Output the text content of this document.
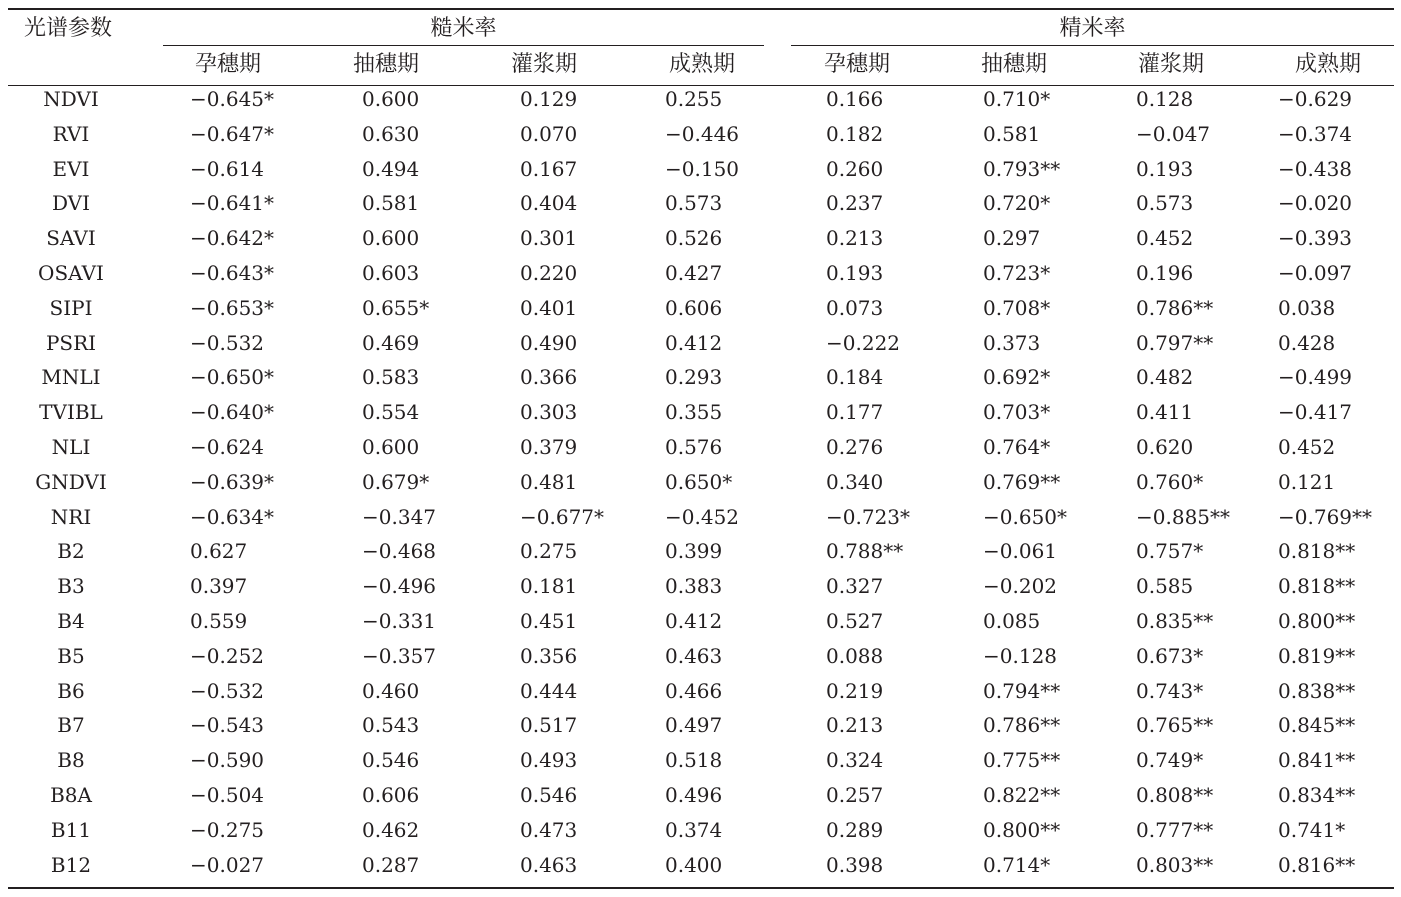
光谱参数	糙米率	精米率
孕穗期	抽穗期	灌浆期	成熟期	孕穗期	抽穗期	灌浆期	成熟期
NDVI	−0.645*	0.600	0.129	0.255	0.166	0.710*	0.128	−0.629
RVI	−0.647*	0.630	0.070	−0.446	0.182	0.581	−0.047	−0.374
EVI	−0.614	0.494	0.167	−0.150	0.260	0.793**	0.193	−0.438
DVI	−0.641*	0.581	0.404	0.573	0.237	0.720*	0.573	−0.020
SAVI	−0.642*	0.600	0.301	0.526	0.213	0.297	0.452	−0.393
OSAVI	−0.643*	0.603	0.220	0.427	0.193	0.723*	0.196	−0.097
SIPI	−0.653*	0.655*	0.401	0.606	0.073	0.708*	0.786**	0.038
PSRI	−0.532	0.469	0.490	0.412	−0.222	0.373	0.797**	0.428
MNLI	−0.650*	0.583	0.366	0.293	0.184	0.692*	0.482	−0.499
TVIBL	−0.640*	0.554	0.303	0.355	0.177	0.703*	0.411	−0.417
NLI	−0.624	0.600	0.379	0.576	0.276	0.764*	0.620	0.452
GNDVI	−0.639*	0.679*	0.481	0.650*	0.340	0.769**	0.760*	0.121
NRI	−0.634*	−0.347	−0.677*	−0.452	−0.723*	−0.650*	−0.885** −0.769**
B2	0.627	−0.468	0.275	0.399	0.788**	−0.061	0.757*	0.818**
B3	0.397	−0.496	0.181	0.383	0.327	−0.202	0.585	0.818**
B4	0.559	−0.331	0.451	0.412	0.527	0.085	0.835**	0.800**
B5	−0.252	−0.357	0.356	0.463	0.088	−0.128	0.673*	0.819**
B6	−0.532	0.460	0.444	0.466	0.219	0.794**	0.743*	0.838**
B7	−0.543	0.543	0.517	0.497	0.213	0.786**	0.765**	0.845**
B8	−0.590	0.546	0.493	0.518	0.324	0.775**	0.749*	0.841**
B8A	−0.504	0.606	0.546	0.496	0.257	0.822**	0.808**	0.834**
B11	−0.275	0.462	0.473	0.374	0.289	0.800**	0.777**	0.741*
B12	−0.027	0.287	0.463	0.400	0.398	0.714*	0.803**	0.816**
